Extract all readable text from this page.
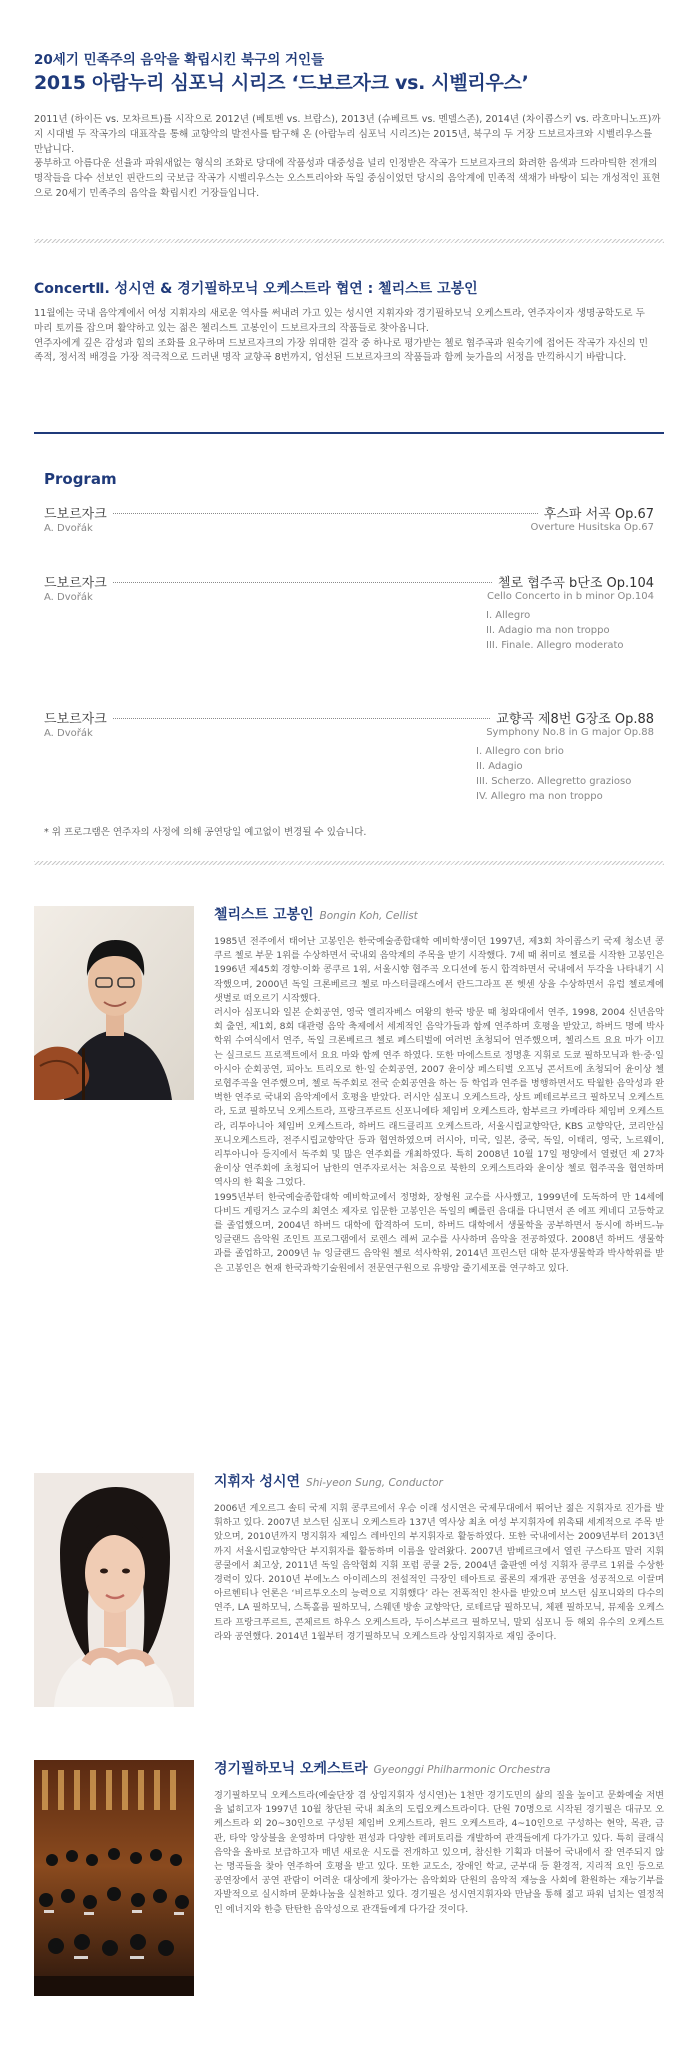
20세기 민족주의 음악을 확립시킨 북구의 거인들
2015 아람누리 심포닉 시리즈 ‘드보르자크 vs. 시벨리우스’

2011년 (하이든 vs. 모차르트)를 시작으로 2012년 (베토벤 vs. 브람스), 2013년 (슈베르트 vs. 멘델스존), 2014년 (차이콥스키 vs. 라흐마니노프)까지 시대별 두 작곡가의 대표작을 통해 교향악의 발전사를 탐구해 온 (아람누리 심포닉 시리즈)는 2015년, 북구의 두 거장 드보르자크와 시벨리우스를 만납니다.

풍부하고 아름다운 선율과 파워새없는 형식의 조화로 당대에 작품성과 대중성을 널리 인정받은 작곡가 드보르자크의 화려한 음색과 드라마틱한 전개의 명작들을 다수 선보인 핀란드의 국보급 작곡가 시벨리우스는 오스트리아와 독일 중심이었던 당시의 음악계에 민족적 색채가 바탕이 되는 개성적인 표현으로 20세기 민족주의 음악을 확립시킨 거장들입니다.

ConcertⅡ. 성시연 & 경기필하모닉 오케스트라 협연 : 첼리스트 고봉인

11월에는 국내 음악계에서 여성 지휘자의 새로운 역사를 써내려 가고 있는 성시연 지휘자와 경기필하모닉 오케스트라, 연주자이자 생명공학도로 두 마리 토끼를 잡으며 활약하고 있는 젊은 첼리스트 고봉인이 드보르자크의 작품들로 찾아옵니다.

연주자에게 깊은 감성과 힘의 조화를 요구하며 드보르자크의 가장 위대한 걸작 중 하나로 평가받는 첼로 협주곡과 원숙기에 접어든 작곡가 자신의 민족적, 정서적 배경을 가장 적극적으로 드러낸 명작 교향곡 8번까지, 엄선된 드보르자크의 작품들과 함께 늦가을의 서정을 만끽하시기 바랍니다.

Program
드보르자크	후스파 서곡 Op.67
A. Dvořák	Overture Husitska Op.67
드보르자크	첼로 협주곡 b단조 Op.104
A. Dvořák	Cello Concerto in b minor Op.104
I. Allegro
II. Adagio ma non troppo
III. Finale. Allegro moderato
드보르자크	교향곡 제8번 G장조 Op.88
A. Dvořák	Symphony No.8 in G major Op.88
I. Allegro con brio
II. Adagio
III. Scherzo. Allegretto grazioso
IV. Allegro ma non troppo
* 위 프로그램은 연주자의 사정에 의해 공연당일 예고없이 변경될 수 있습니다.
첼리스트 고봉인 Bongin Koh, Cellist

1985년 전주에서 태어난 고봉인은 한국예술종합대학 예비학생이던 1997년, 제3회 차이콥스키 국제 청소년 콩쿠르 첼로 부문 1위를 수상하면서 국내외 음악계의 주목을 받기 시작했다. 7세 때 취미로 첼로를 시작한 고봉인은 1996년 제45회 경향·이화 콩쿠르 1위, 서울시향 협주곡 오디션에 동시 합격하면서 국내에서 두각을 나타내기 시작했으며, 2000년 독일 크론베르크 첼로 마스터클래스에서 란드그라프 폰 헷센 상을 수상하면서 유럽 첼로계에 샛별로 떠오르기 시작했다.

러시아 심포니와 일본 순회공연, 영국 엘리자베스 여왕의 한국 방문 때 청와대에서 연주, 1998, 2004 신년음악회 출연, 제1회, 8회 대관령 음악 축제에서 세계적인 음악가들과 함께 연주하며 호평을 받았고, 하버드 명예 박사학위 수여식에서 연주, 독일 크론베르크 첼로 페스티벌에 여러번 초청되어 연주했으며, 첼리스트 요요 마가 이끄는 실크로드 프로젝트에서 요요 마와 함께 연주 하였다. 또한 마에스트로 정명훈 지휘로 도쿄 필하모닉과 한·중·일 아시아 순회공연, 피아노 트리오로 한·일 순회공연, 2007 윤이상 페스티벌 오프닝 콘서트에 초청되어 윤이상 첼로협주곡을 연주했으며, 첼로 독주회로 전국 순회공연을 하는 등 학업과 연주를 병행하면서도 탁월한 음악성과 완벽한 연주로 국내외 음악계에서 호평을 받았다. 러시안 심포니 오케스트라, 상트 페테르부르크 필하모닉 오케스트라, 도쿄 필하모닉 오케스트라, 프랑크푸르트 신포니에타 체임버 오케스트라, 함부르크 카메라타 체임버 오케스트라, 리투아니아 체임버 오케스트라, 하버드 래드클리프 오케스트라, 서울시립교향악단, KBS 교향악단, 코리안심포니오케스트라, 전주시립교향악단 등과 협연하였으며 러시아, 미국, 일본, 중국, 독일, 이태리, 영국, 노르웨이, 리투아니아 등지에서 독주회 및 많은 연주회를 개최하였다. 특히 2008년 10월 17일 평양에서 열렸던 제 27차 윤이상 연주회에 초청되어 남한의 연주자로서는 처음으로 북한의 오케스트라와 윤이상 첼로 협주곡을 협연하며 역사의 한 획을 그었다.

1995년부터 한국예술종합대학 예비학교에서 정명화, 장형원 교수를 사사했고, 1999년에 도독하여 만 14세에 다비드 게링거스 교수의 최연소 제자로 입문한 고봉인은 독일의 뻬를린 음대를 다니면서 존 에프 케네디 고등학교를 졸업했으며, 2004년 하버드 대학에 합격하여 도미, 하버드 대학에서 생물학을 공부하면서 동시에 하버드-뉴 잉글랜드 음악원 조인트 프로그램에서 로렌스 레써 교수를 사사하며 음악을 전공하였다. 2008년 하버드 생물학과를 졸업하고, 2009년 뉴 잉글랜드 음악원 첼로 석사학위, 2014년 프린스턴 대학 분자생물학과 박사학위를 받은 고봉인은 현재 한국과학기술원에서 전문연구원으로 유방암 줄기세포를 연구하고 있다.

지휘자 성시연 Shi-yeon Sung, Conductor

2006년 게오르그 솔티 국제 지휘 콩쿠르에서 우승 이래 성시연은 국제무대에서 뛰어난 젊은 지휘자로 진가를 발휘하고 있다. 2007년 보스턴 심포니 오케스트라 137년 역사상 최초 여성 부지휘자에 위촉돼 세계적으로 주목 받았으며, 2010년까지 명지휘자 제임스 레바인의 부지휘자로 활동하였다. 또한 국내에서는 2009년부터 2013년까지 서울시립교향악단 부지휘자를 활동하며 이름을 알려왔다. 2007년 밤베르크에서 열린 구스타프 말러 지휘 콩쿨에서 최고상, 2011년 독일 음악협회 지휘 포럼 콩쿨 2등, 2004년 출판엔 여성 지휘자 콩쿠르 1위를 수상한 경력이 있다. 2010년 부에노스 아이레스의 전설적인 극장인 테아트로 콜론의 재개관 공연을 성공적으로 이끌며 아르헨티나 언론은 ‘비르투오소의 능력으로 지휘했다’ 라는 전폭적인 찬사를 받았으며 보스턴 심포니와의 다수의 연주, LA 필하모닉, 스톡홀름 필하모닉, 스웨덴 방송 교향악단, 로테르담 필하모닉, 체펜 필하모닉, 뮤제움 오케스트라 프랑크푸르트, 콘체르트 하우스 오케스트라, 두이스부르크 필하모닉, 말뫼 심포니 등 해외 유수의 오케스트라와 공연했다. 2014년 1월부터 경기필하모닉 오케스트라 상임지휘자로 재임 중이다.

경기필하모닉 오케스트라 Gyeonggi Philharmonic Orchestra

경기필하모닉 오케스트라(예술단장 겸 상임지휘자 성시연)는 1천만 경기도민의 삶의 질을 높이고 문화예술 저변을 넓히고자 1997년 10월 창단된 국내 최초의 도립오케스트라이다. 단원 70명으로 시작된 경기필은 대규모 오케스트라 외 20~30인으로 구성된 체임버 오케스트라, 윈드 오케스트라, 4~10인으로 구성하는 현악, 목관, 금관, 타악 앙상블을 운영하며 다양한 편성과 다양한 레퍼토리를 개발하여 관객들에게 다가가고 있다. 특히 클래식음악을 올바로 보급하고자 매년 새로운 시도를 전개하고 있으며, 참신한 기획과 더불어 국내에서 잘 연주되지 않는 명곡들을 찾아 연주하여 호평을 받고 있다. 또한 교도소, 장애인 학교, 군부대 등 환경적, 지리적 요인 등으로 공연장에서 공연 관람이 어려운 대상에게 찾아가는 음악회와 단원의 음악적 재능을 사회에 환원하는 재능기부를 자발적으로 실시하며 문화나눔을 실천하고 있다. 경기필은 성시연지휘자와 만남을 통해 젊고 파워 넘치는 열정적인 에너지와 한층 탄탄한 음악성으로 관객들에게 다가갈 것이다.
